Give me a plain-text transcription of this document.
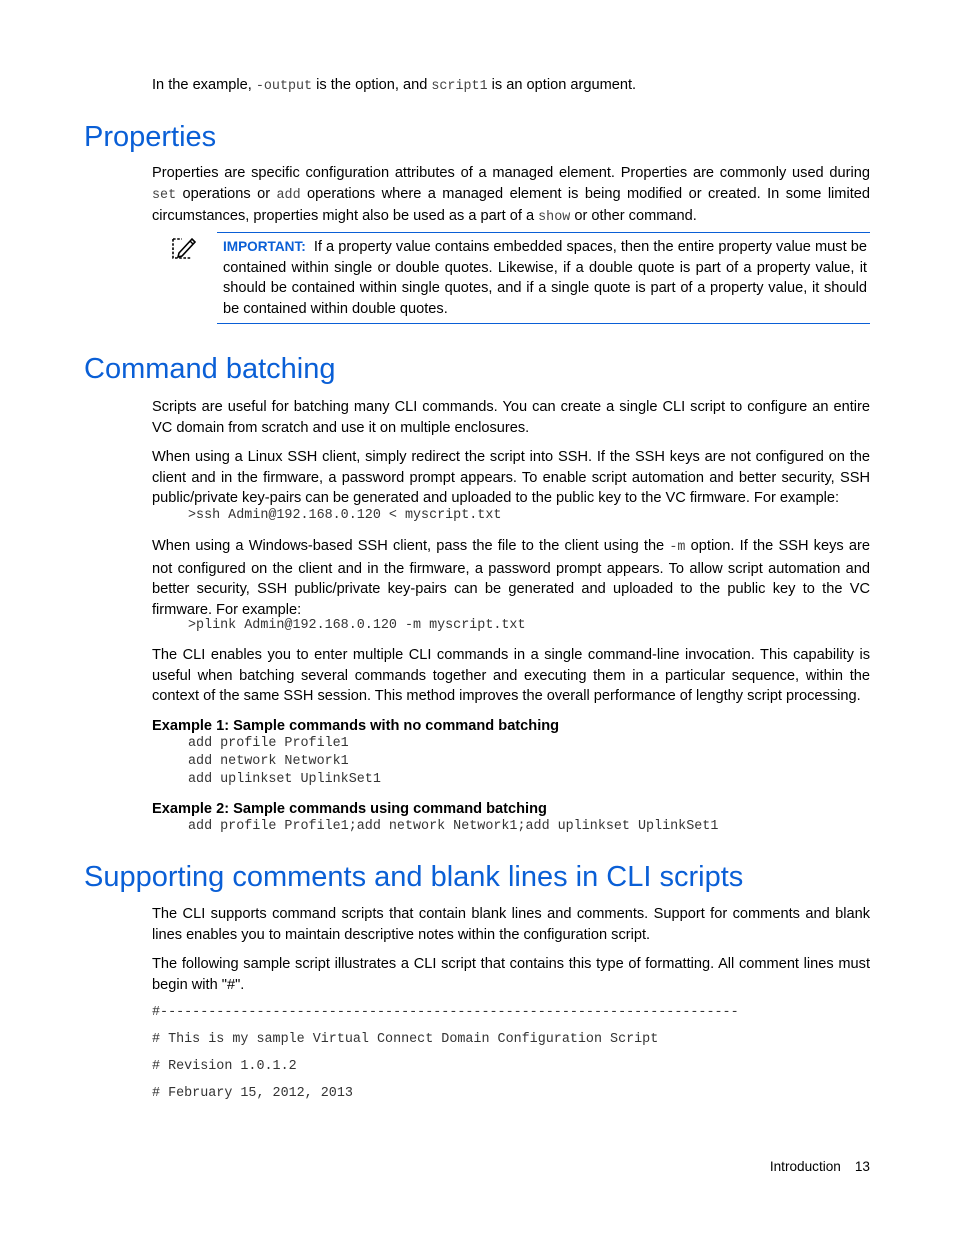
In the example, -output is the option, and script1 is an option argument.

Properties

Properties are specific configuration attributes of a managed element. Properties are commonly used during set operations or add operations where a managed element is being modified or created. In some limited circumstances, properties might also be used as a part of a show or other command.

IMPORTANT: If a property value contains embedded spaces, then the entire property value must be contained within single or double quotes. Likewise, if a double quote is part of a property value, it should be contained within single quotes, and if a single quote is part of a property value, it should be contained within double quotes.

Command batching

Scripts are useful for batching many CLI commands. You can create a single CLI script to configure an entire VC domain from scratch and use it on multiple enclosures.

When using a Linux SSH client, simply redirect the script into SSH. If the SSH keys are not configured on the client and in the firmware, a password prompt appears. To enable script automation and better security, SSH public/private key-pairs can be generated and uploaded to the public key to the VC firmware. For example:

>ssh Admin@192.168.0.120 < myscript.txt

When using a Windows-based SSH client, pass the file to the client using the -m option. If the SSH keys are not configured on the client and in the firmware, a password prompt appears. To allow script automation and better security, SSH public/private key-pairs can be generated and uploaded to the public key to the VC firmware. For example:

>plink Admin@192.168.0.120 -m myscript.txt

The CLI enables you to enter multiple CLI commands in a single command-line invocation. This capability is useful when batching several commands together and executing them in a particular sequence, within the context of the same SSH session. This method improves the overall performance of lengthy script processing.

Example 1: Sample commands with no command batching
add profile Profile1
add network Network1
add uplinkset UplinkSet1
Example 2: Sample commands using command batching
add profile Profile1;add network Network1;add uplinkset UplinkSet1
Supporting comments and blank lines in CLI scripts

The CLI supports command scripts that contain blank lines and comments. Support for comments and blank lines enables you to maintain descriptive notes within the configuration script.

The following sample script illustrates a CLI script that contains this type of formatting. All comment lines must begin with "#".

#------------------------------------------------------------------------
# This is my sample Virtual Connect Domain Configuration Script
# Revision 1.0.1.2
# February 15, 2012, 2013
Introduction 13
